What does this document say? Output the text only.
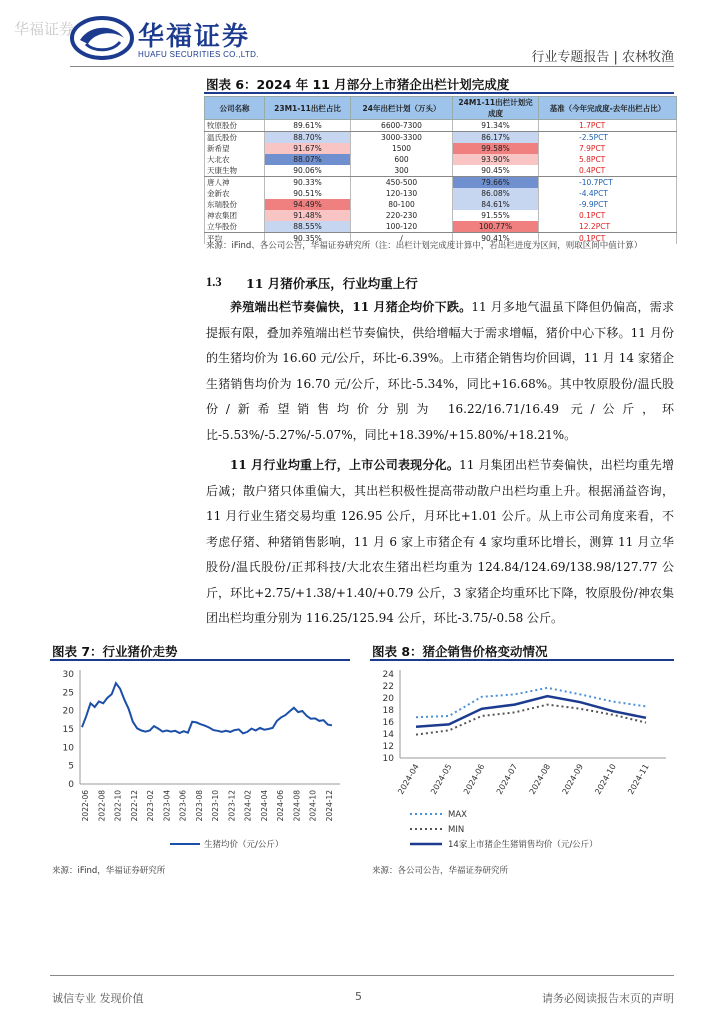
华福证券 华福证券
HUAFU SECURITIES CO.,LTD.	行业专题报告 | 农林牧渔
图表 6：2024 年 11 月部分上市猪企出栏计划完成度
公司名称	23M1-11出栏占比	24年出栏计划（万头）	24M1-11出栏计划完成度	基准（今年完成度-去年出栏占比）
牧原股份	89.61%	6600-7300	91.34%	1.7PCT
温氏股份	88.70%	3000-3300	86.17%	-2.5PCT
新希望	91.67%	1500	99.58%	7.9PCT
大北农	88.07%	600	93.90%	5.8PCT
天康生物	90.06%	300	90.45%	0.4PCT
唐人神	90.33%	450-500	79.66%	-10.7PCT
金新农	90.51%	120-130	86.08%	-4.4PCT
东瑞股份	94.49%	80-100	84.61%	-9.9PCT
神农集团	91.48%	220-230	91.55%	0.1PCT
立华股份	88.55%	100-120	100.77%	12.2PCT
平均	90.35%	/	90.41%	0.1PCT
来源：iFind、各公司公告，华福证券研究所（注：出栏计划完成度计算中，若出栏进度为区间，则取区间中值计算）
1.3 11 月猪价承压，行业均重上行
养殖端出栏节奏偏快，11 月猪企均价下跌。11 月多地气温虽下降但仍偏高，需求提振有限，叠加养殖端出栏节奏偏快，供给增幅大于需求增幅，猪价中心下移。11 月份的生猪均价为 16.60 元/公斤，环比-6.39%。上市猪企销售均价回调，11 月 14 家猪企生猪销售均价为 16.70 元/公斤，环比-5.34%，同比+16.68%。其中牧原股份/温氏股份/新希望销售均价分别为 16.22/16.71/16.49 元/公斤，环比-5.53%/-5.27%/-5.07%，同比+18.39%/+15.80%/+18.21%。
11 月行业均重上行，上市公司表现分化。11 月集团出栏节奏偏快，出栏均重先增后减；散户猪只体重偏大，其出栏积极性提高带动散户出栏均重上升。根据涌益咨询，11 月行业生猪交易均重 126.95 公斤，月环比+1.01 公斤。从上市公司角度来看，不考虑仔猪、种猪销售影响，11 月 6 家上市猪企有 4 家均重环比增长，测算 11 月立华股份/温氏股份/正邦科技/大北农生猪出栏均重为 124.84/124.69/138.98/127.77 公斤，环比+2.75/+1.38/+1.40/+0.79 公斤，3 家猪企均重环比下降，牧原股份/神农集团出栏均重分别为 116.25/125.94 公斤，环比-3.75/-0.58 公斤。
图表 7：行业猪价走势
0
5
10
15
20
25
30
2022-06 2022-08 2022-10 2022-12 2023-02 2023-04 2023-06 2023-08 2023-10 2023-12 2024-02 2024-04 2024-06 2024-08 2024-10 2024-12
生猪均价（元/公斤）
来源：iFind，华福证券研究所
图表 8：猪企销售价格变动情况
10
12
14
16
18
20
22
24
2024-04 2024-05 2024-06 2024-07 2024-08 2024-09 2024-10 2024-11
MAX
MIN
14家上市猪企生猪销售均价（元/公斤）
来源：各公司公告，华福证券研究所
诚信专业 发现价值	5	请务必阅读报告末页的声明
